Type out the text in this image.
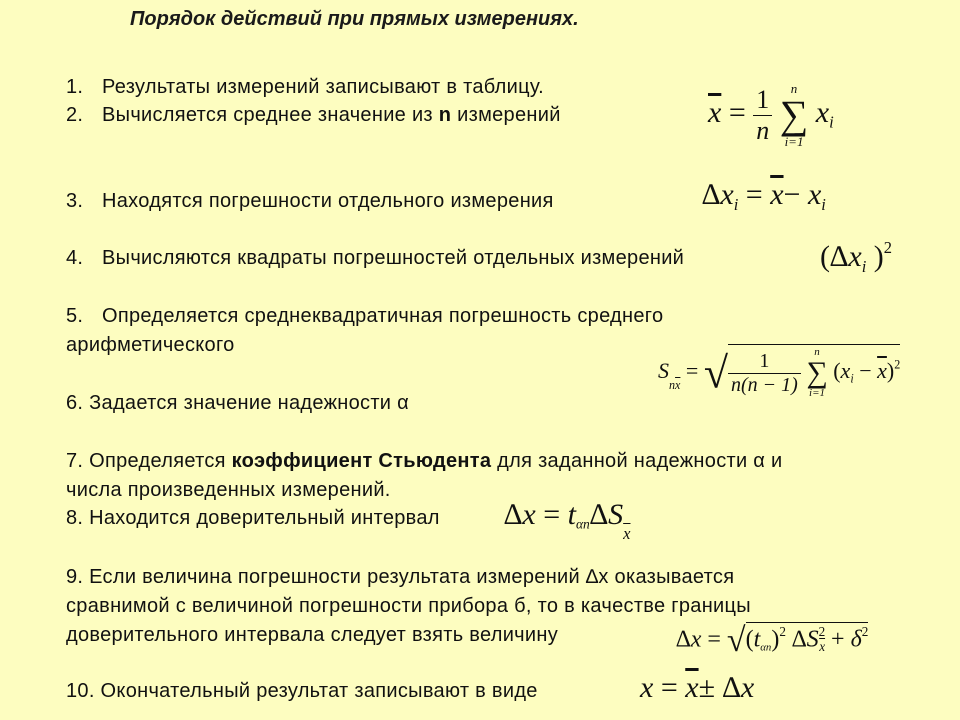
Порядок действий при прямых измерениях.
1. Результаты измерений записывают в таблицу.
2. Вычисляется среднее значение из n измерений	$\overline{x} = \frac{1}{n}$
	n
∑
i=1
$x_i$
3. Находятся погрешности отдельного измерения	$\Delta x_i = \overline{x}- x_i$
4. Вычисляются квадраты погрешностей отдельных измерений	($\Delta x_i$ )$^2$
5. Определяется среднеквадратичная погрешность среднего
арифметического
$S_{n\overline{x}}$ = √ $\frac{1}{n(n - 1)}$
	n
∑
i=1
$(x_i - \overline{x})^2$
6. Задается значение надежности α
7. Определяется коэффициент Стьюдента для заданной надежности α и
числа произведенных измерений.
8. Находится доверительный интервал $\Delta x = t_{\alpha n}\Delta S_{\overline{x}}$
9. Если величина погрешности результата измерений ∆x оказывается
сравнимой с величиной погрешности прибора б, то в качестве границы
доверительного интервала следует взять величину	$\Delta x = √(t_{\alpha n})^2$ $\Delta S^2_{\overline{x}} + \delta^2$
10. Окончательный результат записывают в виде	$x = \overline{x}\pm \Delta x$
